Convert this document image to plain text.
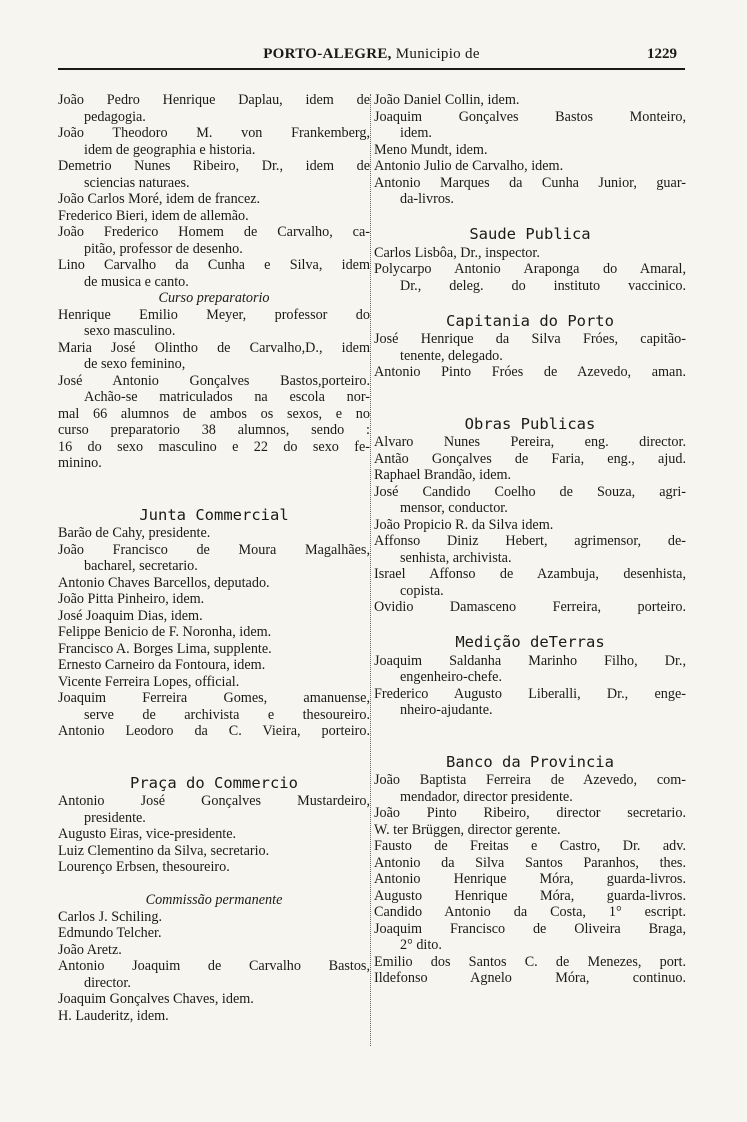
PORTO-ALEGRE, Municipio de	1229
João Pedro Henrique Daplau, idem de
pedagogia.
João Theodoro M. von Frankemberg,
idem de geographia e historia.
Demetrio Nunes Ribeiro, Dr., idem de
sciencias naturaes.
João Carlos Moré, idem de francez.
Frederico Bieri, idem de allemão.
João Frederico Homem de Carvalho, ca-
pitão, professor de desenho.
Lino Carvalho da Cunha e Silva, idem
de musica e canto.
Curso preparatorio
Henrique Emilio Meyer, professor do
sexo masculino.
Maria José Olintho de Carvalho,D., idem
de sexo feminino,
José Antonio Gonçalves Bastos,porteiro.
Achão-se matriculados na escola nor-
mal 66 alumnos de ambos os sexos, e no
curso preparatorio 38 alumnos, sendo :
16 do sexo masculino e 22 do sexo fe-
minino.
Junta Commercial
Barão de Cahy, presidente.
João Francisco de Moura Magalhães,
bacharel, secretario.
Antonio Chaves Barcellos, deputado.
João Pitta Pinheiro, idem.
José Joaquim Dias, idem.
Felippe Benicio de F. Noronha, idem.
Francisco A. Borges Lima, supplente.
Ernesto Carneiro da Fontoura, idem.
Vicente Ferreira Lopes, official.
Joaquim Ferreira Gomes, amanuense,
serve de archivista e thesoureiro.
Antonio Leodoro da C. Vieira, porteiro.
Praça do Commercio
Antonio José Gonçalves Mustardeiro,
presidente.
Augusto Eiras, vice-presidente.
Luiz Clementino da Silva, secretario.
Lourenço Erbsen, thesoureiro.
Commissão permanente
Carlos J. Schiling.
Edmundo Telcher.
João Aretz.
Antonio Joaquim de Carvalho Bastos,
director.
Joaquim Gonçalves Chaves, idem.
H. Lauderitz, idem.
João Daniel Collin, idem.
Joaquim Gonçalves Bastos Monteiro,
idem.
Meno Mundt, idem.
Antonio Julio de Carvalho, idem.
Antonio Marques da Cunha Junior, guar-
da-livros.
Saude Publica
Carlos Lisbôa, Dr., inspector.
Polycarpo Antonio Araponga do Amaral,
Dr., deleg. do instituto vaccinico.
Capitania do Porto
José Henrique da Silva Fróes, capitão-
tenente, delegado.
Antonio Pinto Fróes de Azevedo, aman.
Obras Publicas
Alvaro Nunes Pereira, eng. director.
Antão Gonçalves de Faria, eng., ajud.
Raphael Brandão, idem.
José Candido Coelho de Souza, agri-
mensor, conductor.
João Propicio R. da Silva idem.
Affonso Diniz Hebert, agrimensor, de-
senhista, archivista.
Israel Affonso de Azambuja, desenhista,
copista.
Ovidio Damasceno Ferreira, porteiro.
Medição deTerras
Joaquim Saldanha Marinho Filho, Dr.,
engenheiro-chefe.
Frederico Augusto Liberalli, Dr., enge-
nheiro-ajudante.
Banco da Provincia
João Baptista Ferreira de Azevedo, com-
mendador, director presidente.
João Pinto Ribeiro, director secretario.
W. ter Brüggen, director gerente.
Fausto de Freitas e Castro, Dr. adv.
Antonio da Silva Santos Paranhos, thes.
Antonio Henrique Móra, guarda-livros.
Augusto Henrique Móra, guarda-livros.
Candido Antonio da Costa, 1° escript.
Joaquim Francisco de Oliveira Braga,
2° dito.
Emilio dos Santos C. de Menezes, port.
Ildefonso Agnelo Móra, continuo.
